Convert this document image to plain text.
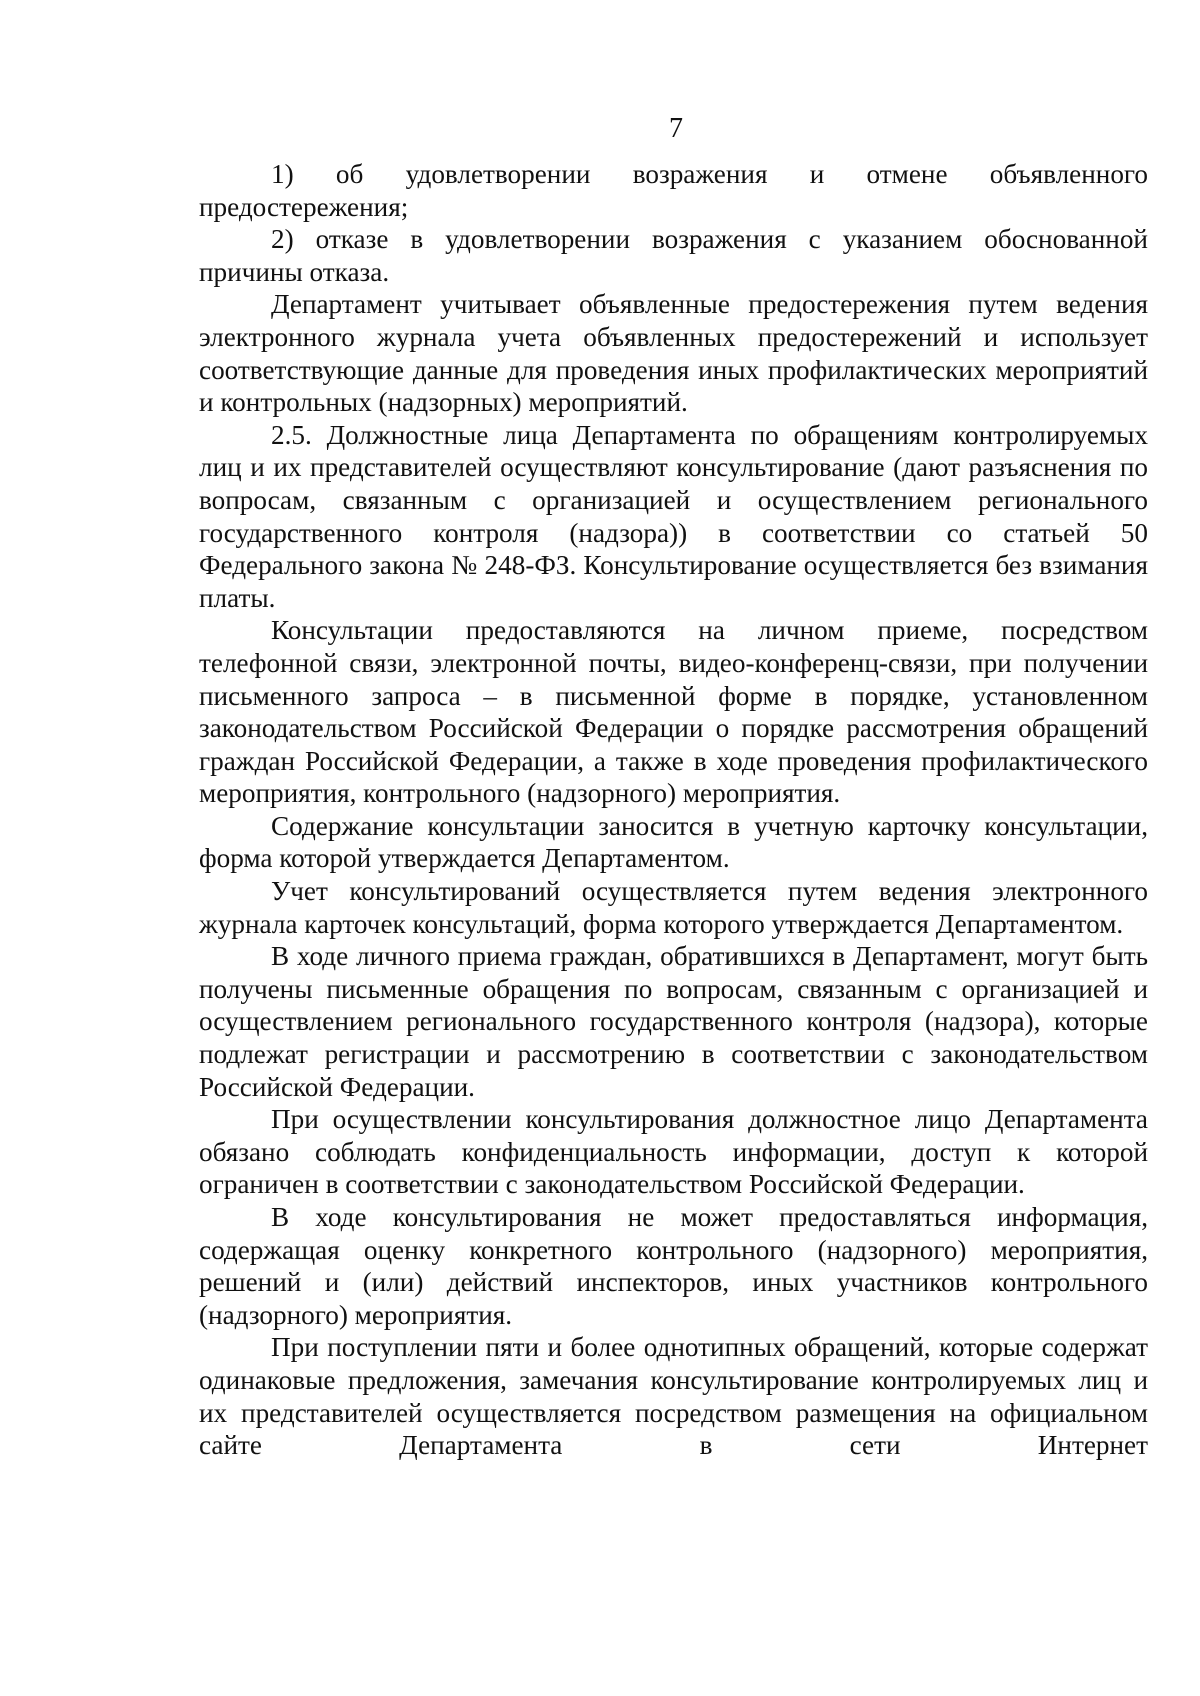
7

1) об удовлетворении возражения и отмене объявленного предостережения;

2) отказе в удовлетворении возражения с указанием обоснованной причины отказа.

Департамент учитывает объявленные предостережения путем ведения электронного журнала учета объявленных предостережений и использует соответствующие данные для проведения иных профилактических мероприятий и контрольных (надзорных) мероприятий.

2.5. Должностные лица Департамента по обращениям контролируемых лиц и их представителей осуществляют консультирование (дают разъяснения по вопросам, связанным с организацией и осуществлением регионального государственного контроля (надзора)) в соответствии со статьей 50 Федерального закона № 248-ФЗ. Консультирование осуществляется без взимания платы.

Консультации предоставляются на личном приеме, посредством телефонной связи, электронной почты, видео-конференц-связи, при получении письменного запроса – в письменной форме в порядке, установленном законодательством Российской Федерации о порядке рассмотрения обращений граждан Российской Федерации, а также в ходе проведения профилактического мероприятия, контрольного (надзорного) мероприятия.

Содержание консультации заносится в учетную карточку консультации, форма которой утверждается Департаментом.

Учет консультирований осуществляется путем ведения электронного журнала карточек консультаций, форма которого утверждается Департаментом.

В ходе личного приема граждан, обратившихся в Департамент, могут быть получены письменные обращения по вопросам, связанным с организацией и осуществлением регионального государственного контроля (надзора), которые подлежат регистрации и рассмотрению в соответствии с законодательством Российской Федерации.

При осуществлении консультирования должностное лицо Департамента обязано соблюдать конфиденциальность информации, доступ к которой ограничен в соответствии с законодательством Российской Федерации.

В ходе консультирования не может предоставляться информация, содержащая оценку конкретного контрольного (надзорного) мероприятия, решений и (или) действий инспекторов, иных участников контрольного (надзорного) мероприятия.

При поступлении пяти и более однотипных обращений, которые содержат одинаковые предложения, замечания консультирование контролируемых лиц и их представителей осуществляется посредством размещения на официальном сайте Департамента в сети Интернет
